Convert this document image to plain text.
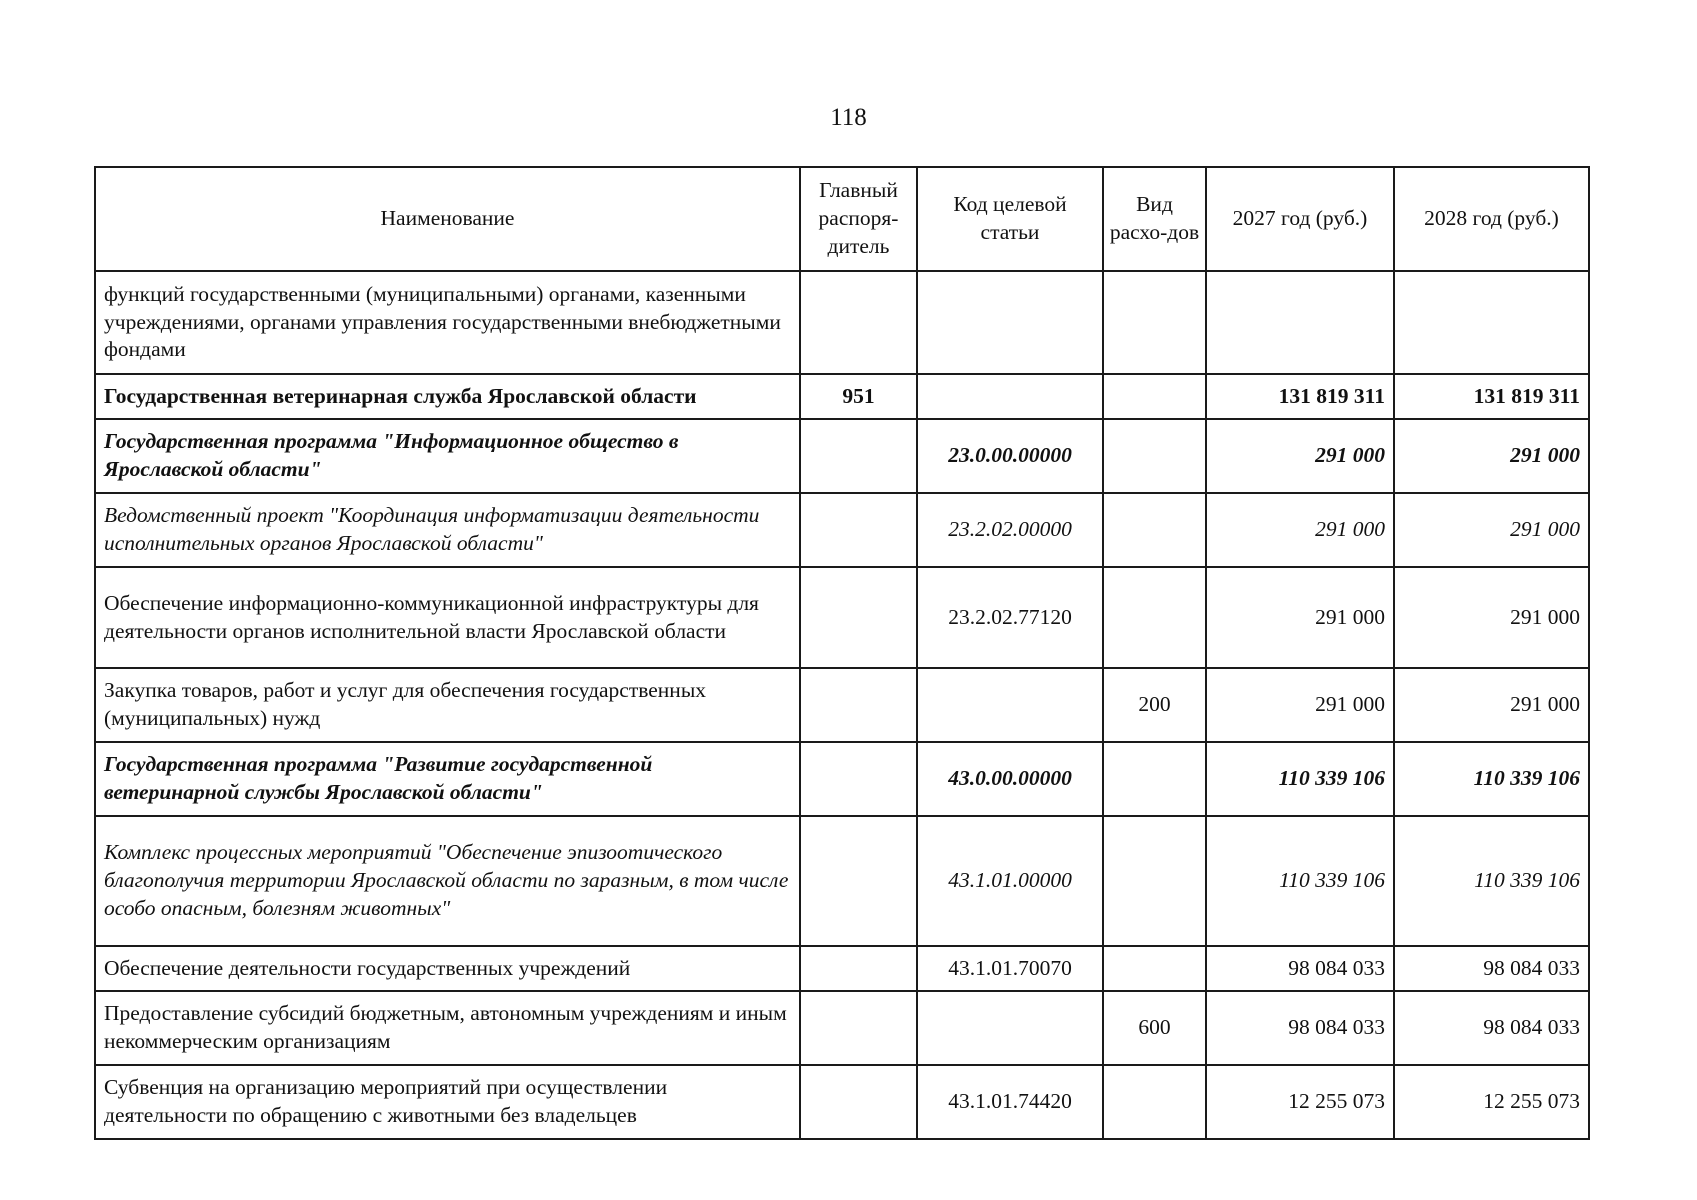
118
Наименование	Главный распоря-дитель	Код целевой статьи	Вид расхо-дов	2027 год (руб.)	2028 год (руб.)
функций государственными (муниципальными) органами, казенными учреждениями, органами управления государственными внебюджетными фондами					
Государственная ветеринарная служба Ярославской области	951			131 819 311	131 819 311
Государственная программа "Информационное общество в Ярославской области"		23.0.00.00000		291 000	291 000
Ведомственный проект "Координация информатизации деятельности исполнительных органов Ярославской области"		23.2.02.00000		291 000	291 000
Обеспечение информационно-коммуникационной инфраструктуры для деятельности органов исполнительной власти Ярославской области		23.2.02.77120		291 000	291 000
Закупка товаров, работ и услуг для обеспечения государственных (муниципальных) нужд			200	291 000	291 000
Государственная программа "Развитие государственной ветеринарной службы Ярославской области"		43.0.00.00000		110 339 106	110 339 106
Комплекс процессных мероприятий "Обеспечение эпизоотического благополучия территории Ярославской области по заразным, в том числе особо опасным, болезням животных"		43.1.01.00000		110 339 106	110 339 106
Обеспечение деятельности государственных учреждений		43.1.01.70070		98 084 033	98 084 033
Предоставление субсидий бюджетным, автономным учреждениям и иным некоммерческим организациям			600	98 084 033	98 084 033
Субвенция на организацию мероприятий при осуществлении деятельности по обращению с животными без владельцев		43.1.01.74420		12 255 073	12 255 073
